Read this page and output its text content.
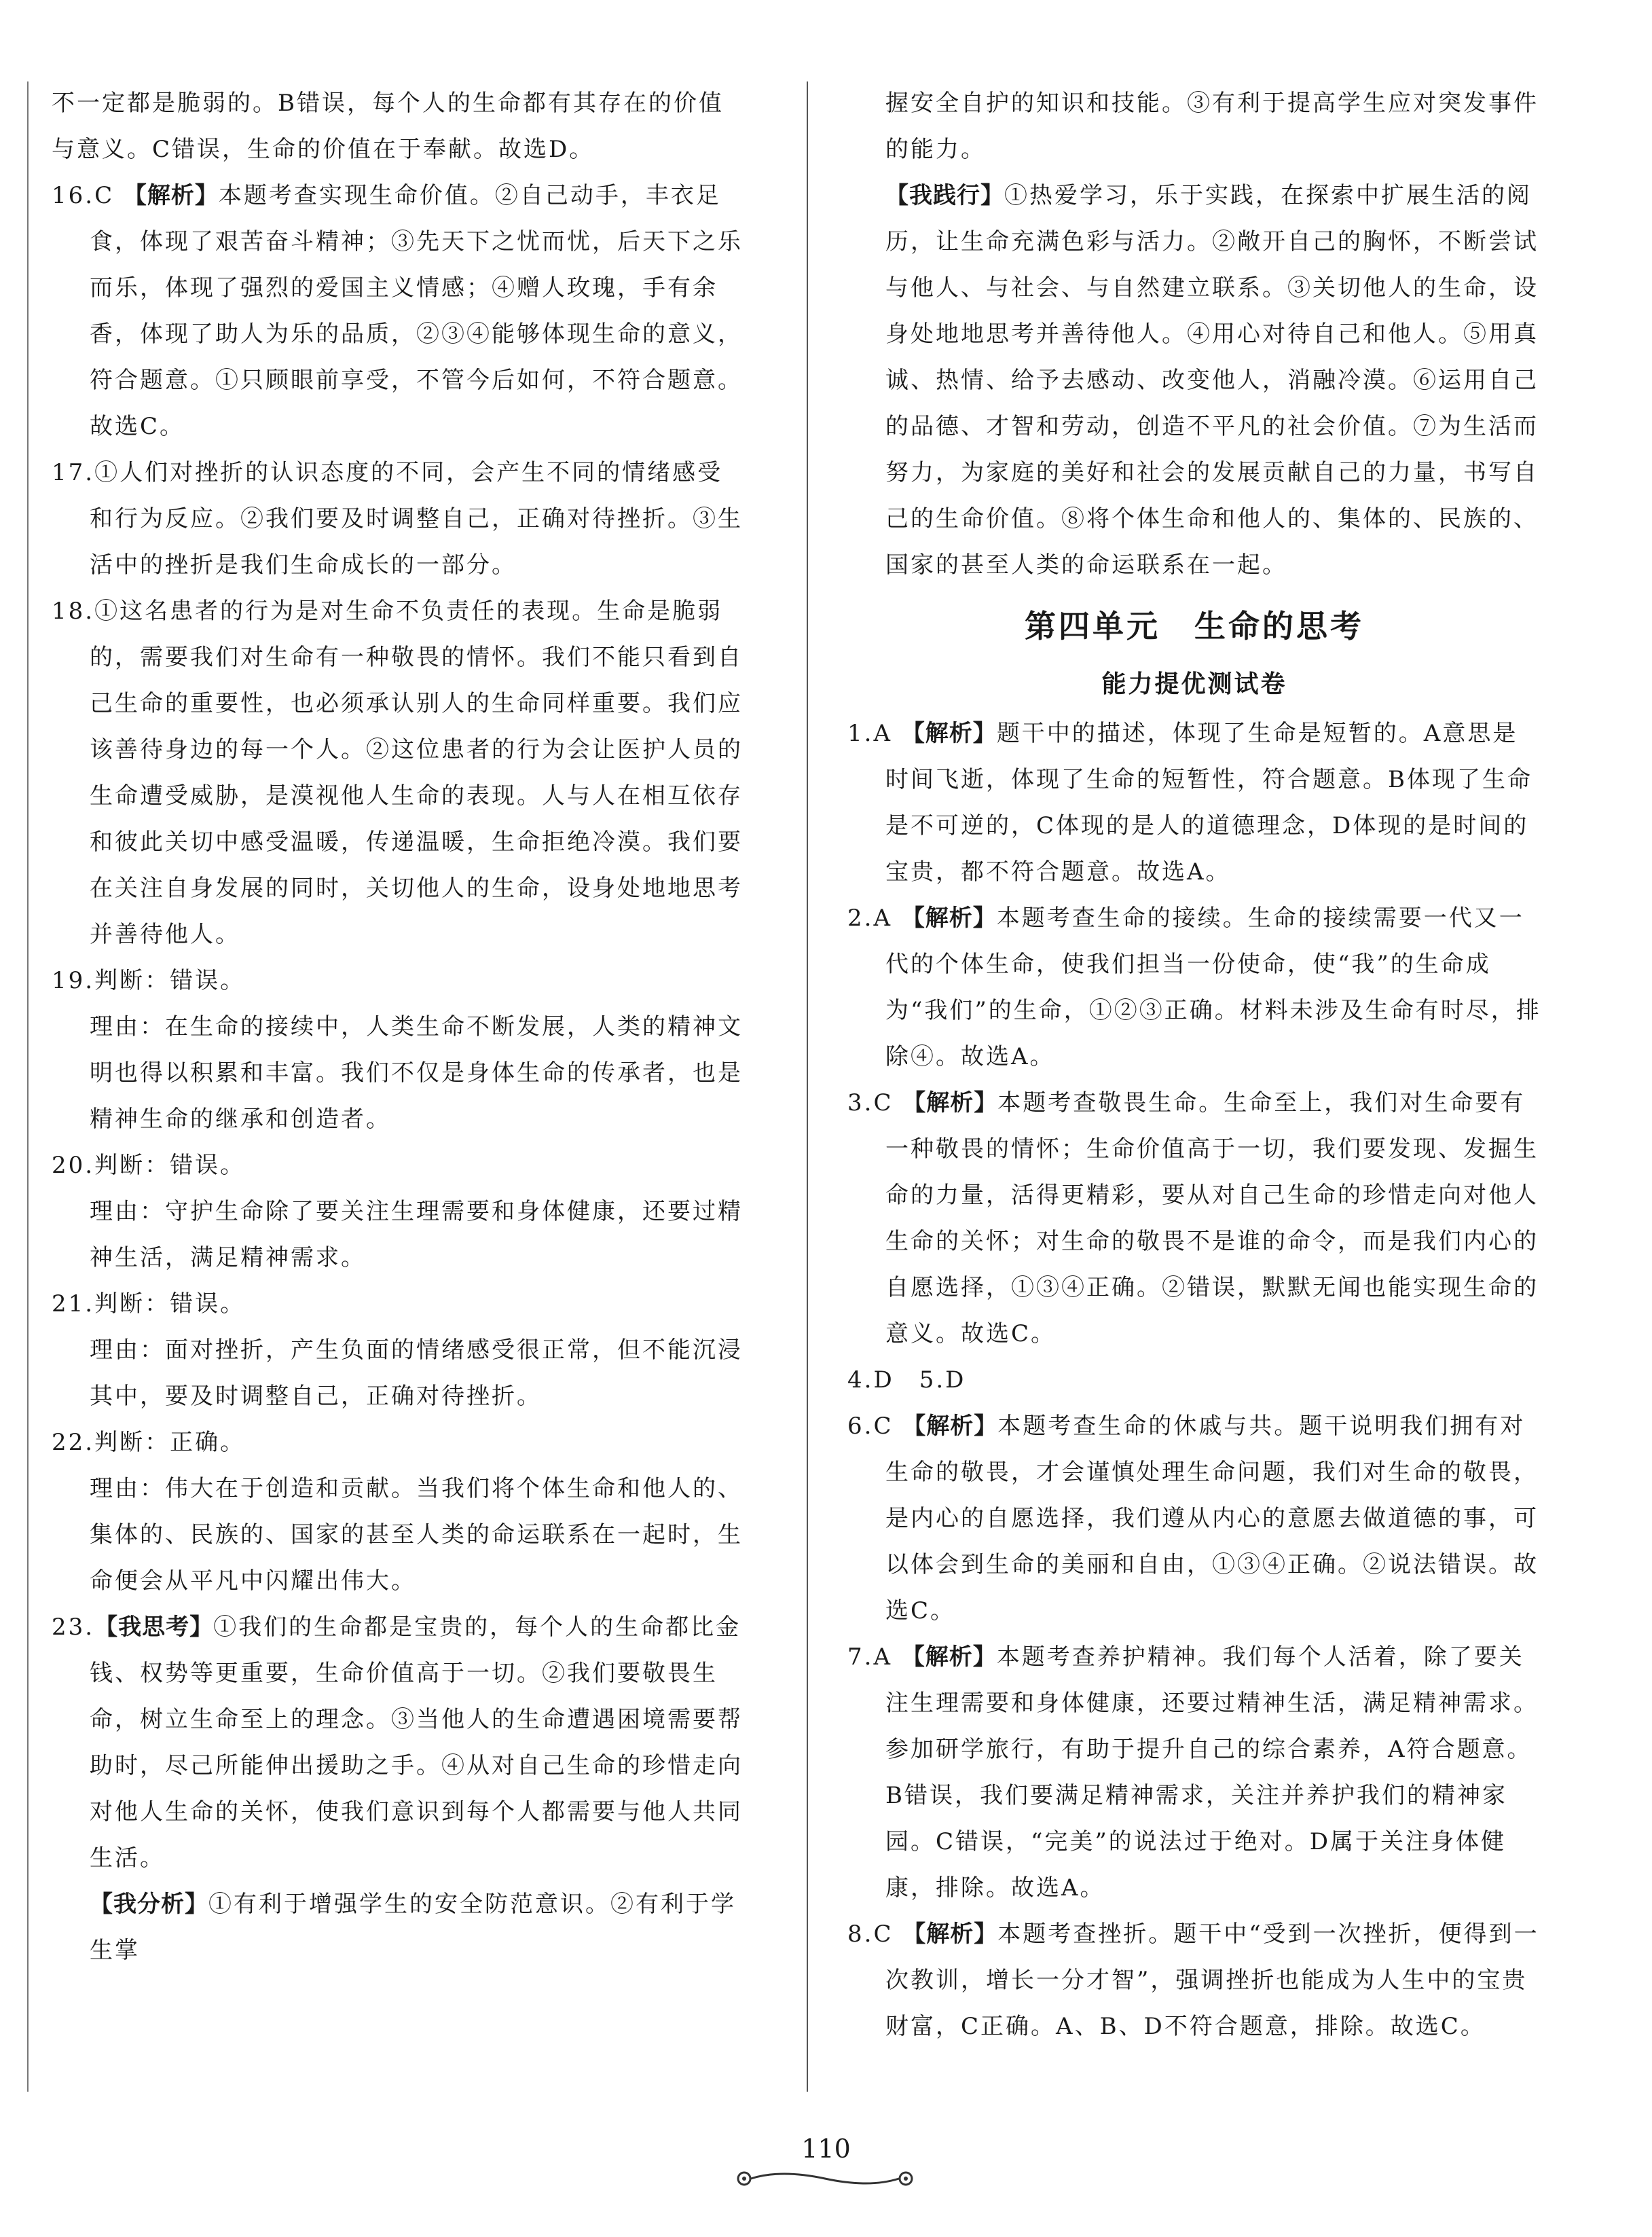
不一定都是脆弱的。B错误，每个人的生命都有其存在的价值与意义。C错误，生命的价值在于奉献。故选D。

16.C 【解析】本题考查实现生命价值。②自己动手，丰衣足食，体现了艰苦奋斗精神；③先天下之忧而忧，后天下之乐而乐，体现了强烈的爱国主义情感；④赠人玫瑰，手有余香，体现了助人为乐的品质，②③④能够体现生命的意义，符合题意。①只顾眼前享受，不管今后如何，不符合题意。故选C。

17.①人们对挫折的认识态度的不同，会产生不同的情绪感受和行为反应。②我们要及时调整自己，正确对待挫折。③生活中的挫折是我们生命成长的一部分。

18.①这名患者的行为是对生命不负责任的表现。生命是脆弱的，需要我们对生命有一种敬畏的情怀。我们不能只看到自己生命的重要性，也必须承认别人的生命同样重要。我们应该善待身边的每一个人。②这位患者的行为会让医护人员的生命遭受威胁，是漠视他人生命的表现。人与人在相互依存和彼此关切中感受温暖，传递温暖，生命拒绝冷漠。我们要在关注自身发展的同时，关切他人的生命，设身处地地思考并善待他人。

19.判断：错误。

理由：在生命的接续中，人类生命不断发展，人类的精神文明也得以积累和丰富。我们不仅是身体生命的传承者，也是精神生命的继承和创造者。

20.判断：错误。

理由：守护生命除了要关注生理需要和身体健康，还要过精神生活，满足精神需求。

21.判断：错误。

理由：面对挫折，产生负面的情绪感受很正常，但不能沉浸其中，要及时调整自己，正确对待挫折。

22.判断：正确。

理由：伟大在于创造和贡献。当我们将个体生命和他人的、集体的、民族的、国家的甚至人类的命运联系在一起时，生命便会从平凡中闪耀出伟大。

23.【我思考】①我们的生命都是宝贵的，每个人的生命都比金钱、权势等更重要，生命价值高于一切。②我们要敬畏生命，树立生命至上的理念。③当他人的生命遭遇困境需要帮助时，尽己所能伸出援助之手。④从对自己生命的珍惜走向对他人生命的关怀，使我们意识到每个人都需要与他人共同生活。

【我分析】①有利于增强学生的安全防范意识。②有利于学生掌

握安全自护的知识和技能。③有利于提高学生应对突发事件的能力。

【我践行】①热爱学习，乐于实践，在探索中扩展生活的阅历，让生命充满色彩与活力。②敞开自己的胸怀，不断尝试与他人、与社会、与自然建立联系。③关切他人的生命，设身处地地思考并善待他人。④用心对待自己和他人。⑤用真诚、热情、给予去感动、改变他人，消融冷漠。⑥运用自己的品德、才智和劳动，创造不平凡的社会价值。⑦为生活而努力，为家庭的美好和社会的发展贡献自己的力量，书写自己的生命价值。⑧将个体生命和他人的、集体的、民族的、国家的甚至人类的命运联系在一起。

第四单元　生命的思考
能力提优测试卷

1.A 【解析】题干中的描述，体现了生命是短暂的。A意思是时间飞逝，体现了生命的短暂性，符合题意。B体现了生命是不可逆的，C体现的是人的道德理念，D体现的是时间的宝贵，都不符合题意。故选A。

2.A 【解析】本题考查生命的接续。生命的接续需要一代又一代的个体生命，使我们担当一份使命，使“我”的生命成为“我们”的生命，①②③正确。材料未涉及生命有时尽，排除④。故选A。

3.C 【解析】本题考查敬畏生命。生命至上，我们对生命要有一种敬畏的情怀；生命价值高于一切，我们要发现、发掘生命的力量，活得更精彩，要从对自己生命的珍惜走向对他人生命的关怀；对生命的敬畏不是谁的命令，而是我们内心的自愿选择，①③④正确。②错误，默默无闻也能实现生命的意义。故选C。

4.D　5.D

6.C 【解析】本题考查生命的休戚与共。题干说明我们拥有对生命的敬畏，才会谨慎处理生命问题，我们对生命的敬畏，是内心的自愿选择，我们遵从内心的意愿去做道德的事，可以体会到生命的美丽和自由，①③④正确。②说法错误。故选C。

7.A 【解析】本题考查养护精神。我们每个人活着，除了要关注生理需要和身体健康，还要过精神生活，满足精神需求。参加研学旅行，有助于提升自己的综合素养，A符合题意。B错误，我们要满足精神需求，关注并养护我们的精神家园。C错误，“完美”的说法过于绝对。D属于关注身体健康，排除。故选A。

8.C 【解析】本题考查挫折。题干中“受到一次挫折，便得到一次教训，增长一分才智”，强调挫折也能成为人生中的宝贵财富，C正确。A、B、D不符合题意，排除。故选C。

110
